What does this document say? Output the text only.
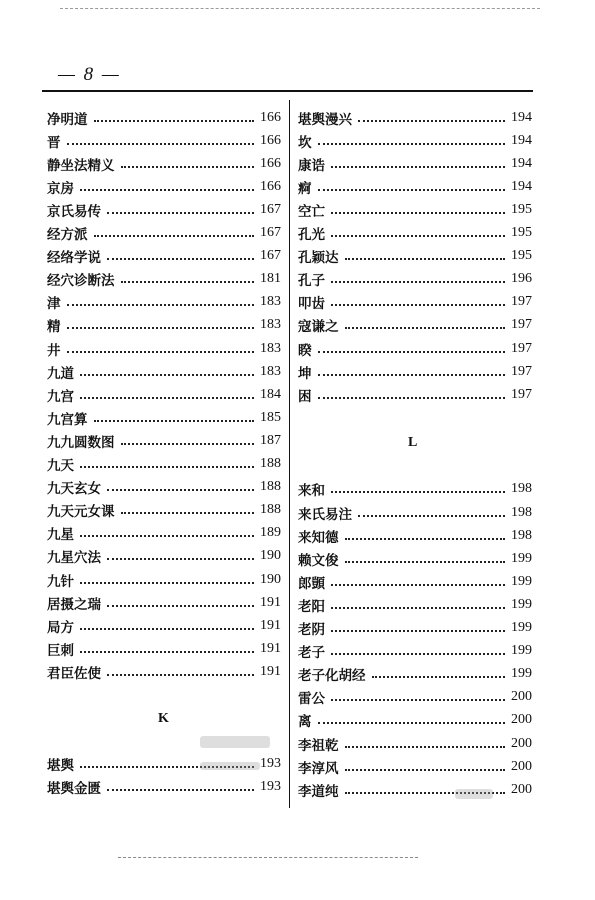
— 8 —
净明道	166
晋	166
静坐法精义	166
京房	166
京氏易传	167
经方派	167
经络学说	167
经穴诊断法	181
津	183
精	183
井	183
九道	183
九宫	184
九宫算	185
九九圆数图	187
九天	188
九天玄女	188
九天元女课	188
九星	189
九星穴法	190
九针	190
居摄之瑞	191
局方	191
巨刺	191
君臣佐使	191
堪舆	193
堪舆金匮	193
K
堪舆漫兴	194
坎	194
康诰	194
痾	194
空亡	195
孔光	195
孔颖达	195
孔子	196
叩齿	197
寇谦之	197
睽	197
坤	197
困	197
来和	198
来氏易注	198
来知德	198
赖文俊	199
郎顗	199
老阳	199
老阴	199
老子	199
老子化胡经	199
雷公	200
离	200
李祖乾	200
李淳风	200
李道纯	200
L
